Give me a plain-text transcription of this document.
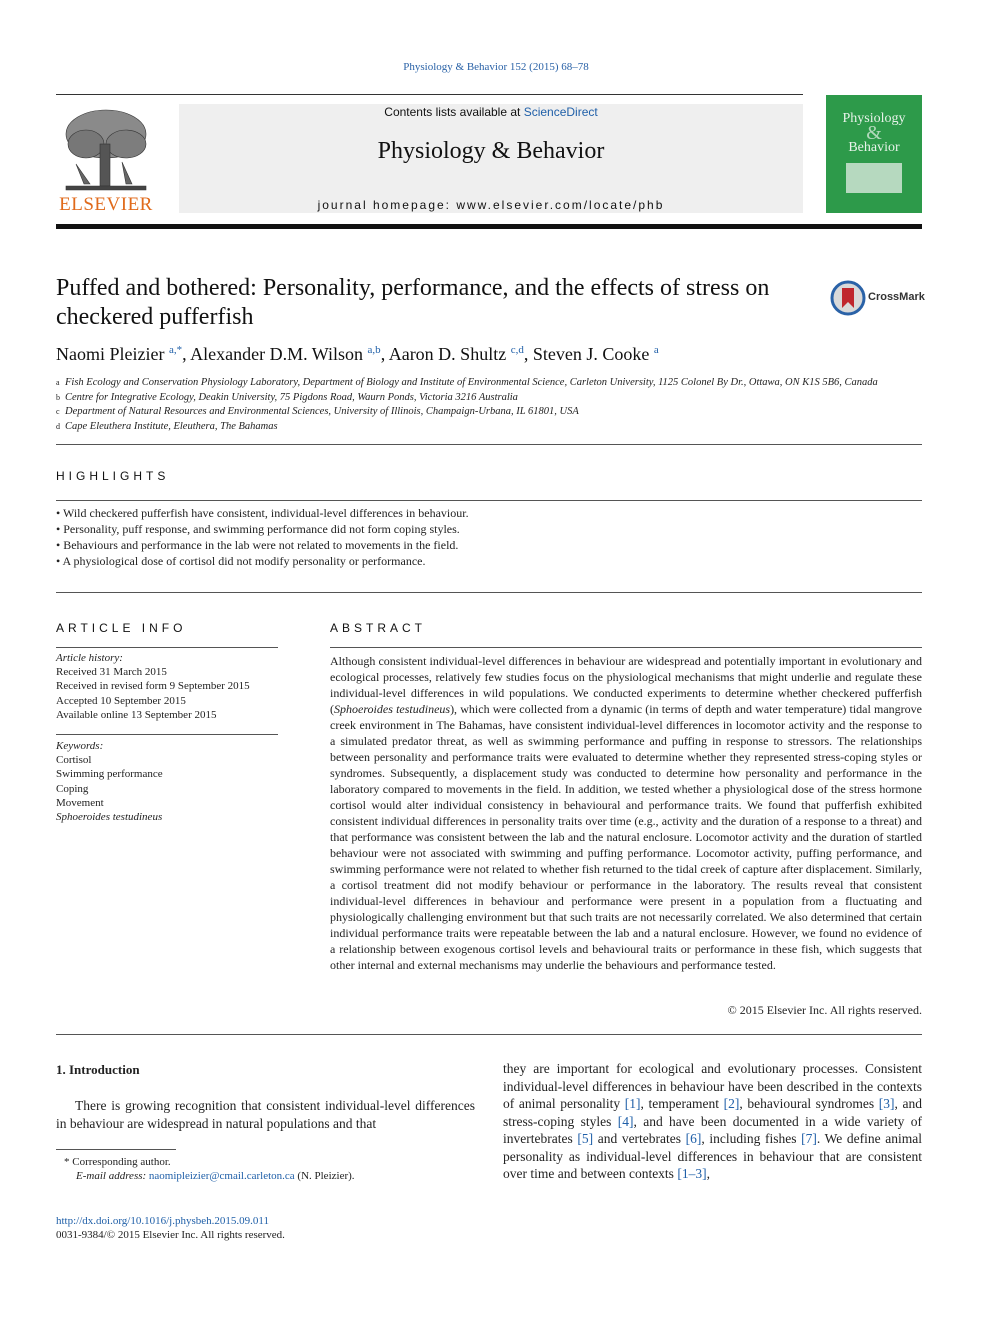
Physiology & Behavior 152 (2015) 68–78
ELSEVIER
Contents lists available at ScienceDirect
Physiology & Behavior
journal homepage: www.elsevier.com/locate/phb
Physiology
&
Behavior
Puffed and bothered: Personality, performance, and the effects of stress on checkered pufferfish
CrossMark
Naomi Pleizier $^{a,*}$, Alexander D.M. Wilson $^{a,b}$, Aaron D. Shultz $^{c,d}$, Steven J. Cooke $^a$
a Fish Ecology and Conservation Physiology Laboratory, Department of Biology and Institute of Environmental Science, Carleton University, 1125 Colonel By Dr., Ottawa, ON K1S 5B6, Canada
b Centre for Integrative Ecology, Deakin University, 75 Pigdons Road, Waurn Ponds, Victoria 3216 Australia
c Department of Natural Resources and Environmental Sciences, University of Illinois, Champaign-Urbana, IL 61801, USA
d Cape Eleuthera Institute, Eleuthera, The Bahamas
HIGHLIGHTS
• Wild checkered pufferfish have consistent, individual-level differences in behaviour.
• Personality, puff response, and swimming performance did not form coping styles.
• Behaviours and performance in the lab were not related to movements in the field.
• A physiological dose of cortisol did not modify personality or performance.
ARTICLE INFO
Article history:
Received 31 March 2015
Received in revised form 9 September 2015
Accepted 10 September 2015
Available online 13 September 2015
Keywords:
Cortisol
Swimming performance
Coping
Movement
Sphoeroides testudineus
ABSTRACT
Although consistent individual-level differences in behaviour are widespread and potentially important in evolutionary and ecological processes, relatively few studies focus on the physiological mechanisms that might underlie and regulate these individual-level differences in wild populations. We conducted experiments to determine whether checkered pufferfish (Sphoeroides testudineus), which were collected from a dynamic (in terms of depth and water temperature) tidal mangrove creek environment in The Bahamas, have consistent individual-level differences in locomotor activity and the response to a simulated predator threat, as well as swimming performance and puffing in response to stressors. The relationships between personality and performance traits were evaluated to determine whether they represented stress-coping styles or syndromes. Subsequently, a displacement study was conducted to determine how personality and performance in the laboratory compared to movements in the field. In addition, we tested whether a physiological dose of the stress hormone cortisol would alter individual consistency in behavioural and performance traits. We found that pufferfish exhibited consistent individual differences in personality traits over time (e.g., activity and the duration of a response to a threat) and that performance was consistent between the lab and the natural enclosure. Locomotor activity and the duration of startled behaviour were not associated with swimming and puffing performance. Locomotor activity, puffing performance, and swimming performance were not related to whether fish returned to the tidal creek of capture after displacement. Similarly, a cortisol treatment did not modify behaviour or performance in the laboratory. The results reveal that consistent individual-level differences in behaviour and performance were present in a population from a fluctuating and physiologically challenging environment but that such traits are not necessarily correlated. We also determined that certain individual performance traits were repeatable between the lab and a natural enclosure. However, we found no evidence of a relationship between exogenous cortisol levels and behavioural traits or performance in these fish, which suggests that other internal and external mechanisms may underlie the behaviours and performance tested.
© 2015 Elsevier Inc. All rights reserved.
1. Introduction
There is growing recognition that consistent individual-level differences in behaviour are widespread in natural populations and that
they are important for ecological and evolutionary processes. Consistent individual-level differences in behaviour have been described in the contexts of animal personality [1], temperament [2], behavioural syndromes [3], and stress-coping styles [4], and have been documented in a wide variety of invertebrates [5] and vertebrates [6], including fishes [7]. We define animal personality as individual-level differences in behaviour that are consistent over time and between contexts [1–3],
* Corresponding author.
E-mail address: naomipleizier@cmail.carleton.ca (N. Pleizier).
http://dx.doi.org/10.1016/j.physbeh.2015.09.011
0031-9384/© 2015 Elsevier Inc. All rights reserved.
